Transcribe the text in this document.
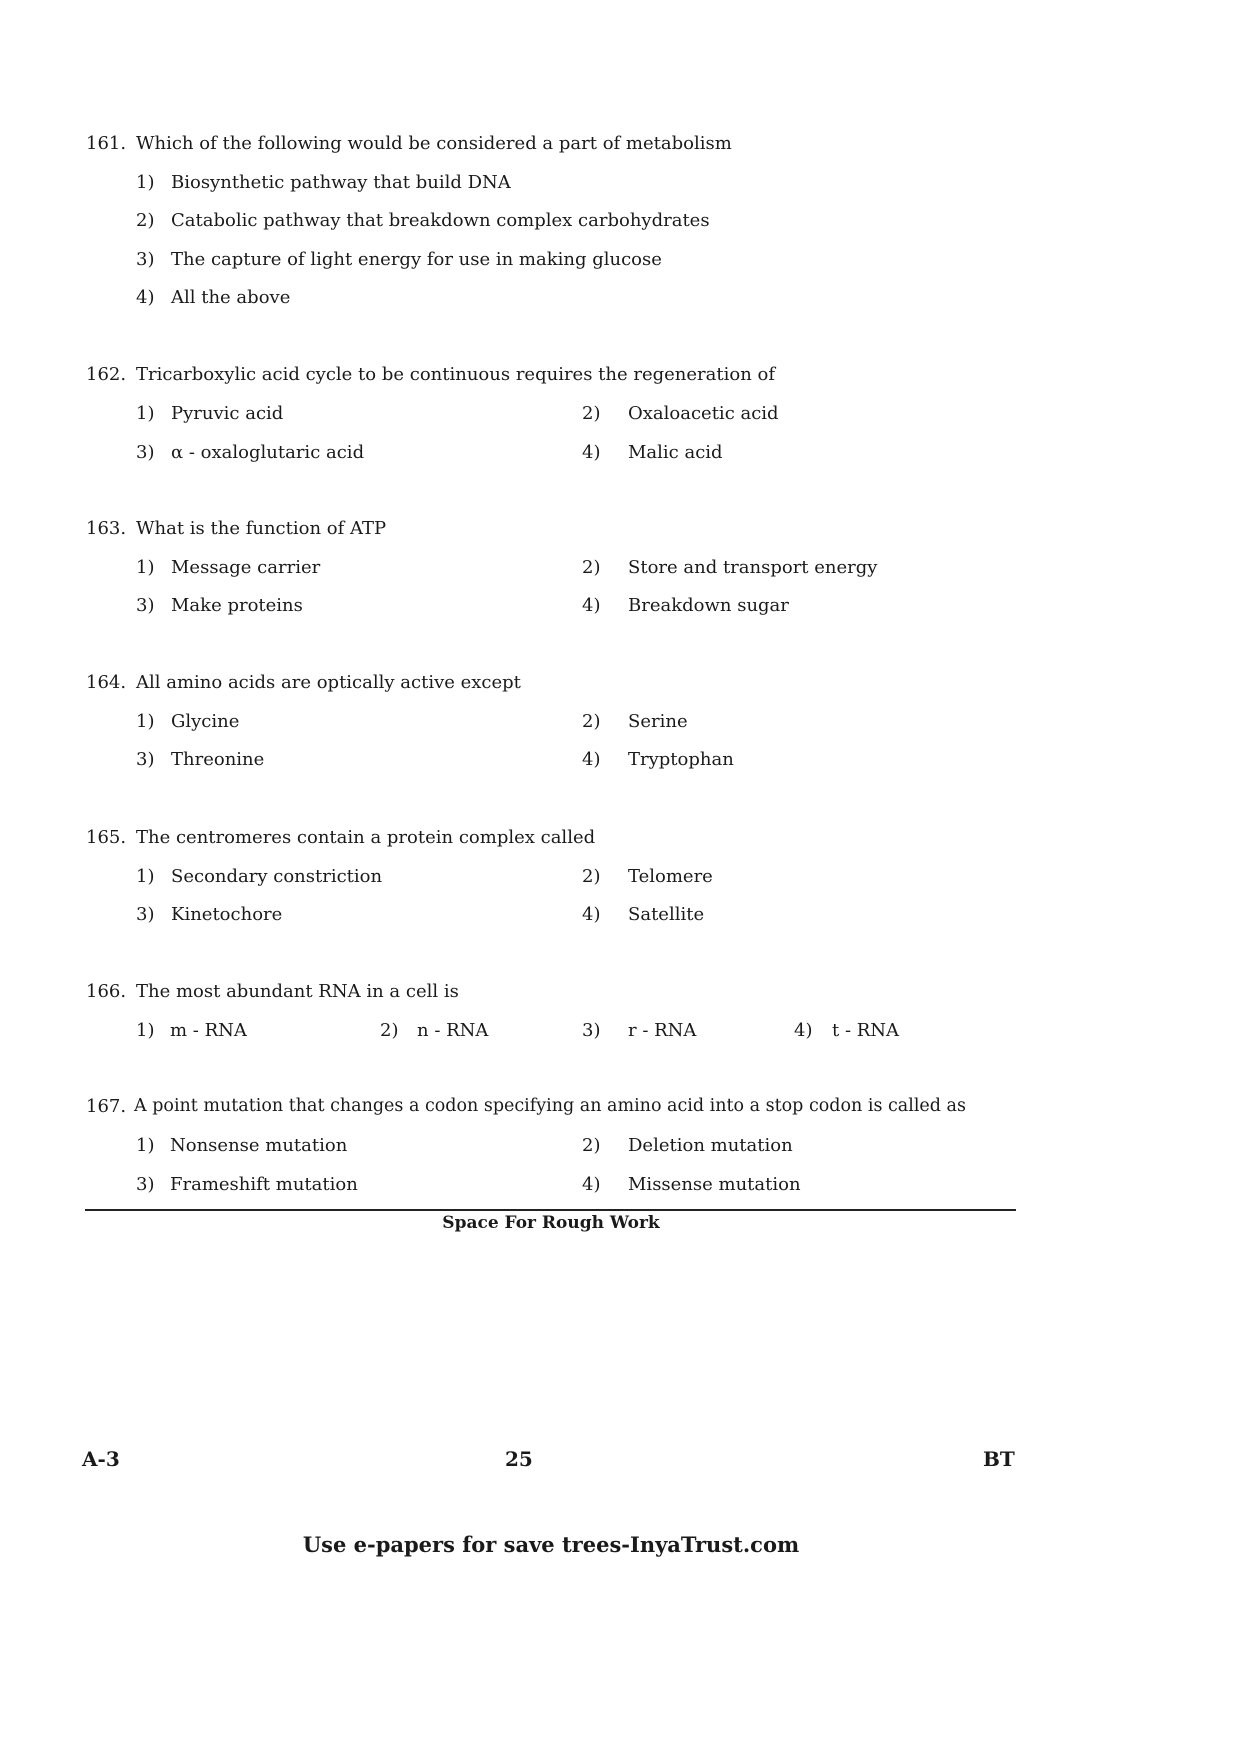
161. Which of the following would be considered a part of metabolism
1) Biosynthetic pathway that build DNA
2) Catabolic pathway that breakdown complex carbohydrates
3) The capture of light energy for use in making glucose
4) All the above
162. Tricarboxylic acid cycle to be continuous requires the regeneration of
1) Pyruvic acid	2) Oxaloacetic acid
3) α - oxaloglutaric acid	4) Malic acid
163. What is the function of ATP
1) Message carrier	2) Store and transport energy
3) Make proteins	4) Breakdown sugar
164. All amino acids are optically active except
1) Glycine	2) Serine
3) Threonine	4) Tryptophan
165. The centromeres contain a protein complex called
1) Secondary constriction	2) Telomere
3) Kinetochore	4) Satellite
166. The most abundant RNA in a cell is
1) m - RNA	2) n - RNA	3) r - RNA	4) t - RNA
167. A point mutation that changes a codon specifying an amino acid into a stop codon is called as
1) Nonsense mutation	2) Deletion mutation
3) Frameshift mutation	4) Missense mutation
Space For Rough Work
A-3	25	BT
Use e-papers for save trees-InyaTrust.com
